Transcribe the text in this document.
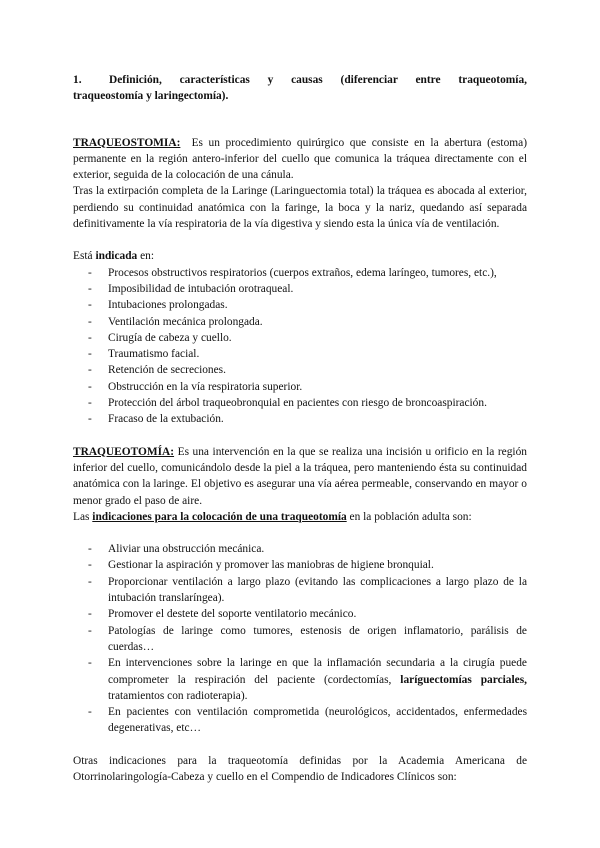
1.	Definición, características y causas (diferenciar entre traqueotomía,
traqueostomía y laringectomía).

TRAQUEOSTOMIA: Es un procedimiento quirúrgico que consiste en la abertura (estoma) permanente en la región antero-inferior del cuello que comunica la tráquea directamente con el exterior, seguida de la colocación de una cánula.

Tras la extirpación completa de la Laringe (Laringuectomia total) la tráquea es abocada al exterior, perdiendo su continuidad anatómica con la faringe, la boca y la nariz, quedando así separada definitivamente la vía respiratoria de la vía digestiva y siendo esta la única vía de ventilación.

Está indicada en:

- Procesos obstructivos respiratorios (cuerpos extraños, edema laríngeo, tumores, etc.),
- Imposibilidad de intubación orotraqueal.
- Intubaciones prolongadas.
- Ventilación mecánica prolongada.
- Cirugía de cabeza y cuello.
- Traumatismo facial.
- Retención de secreciones.
- Obstrucción en la vía respiratoria superior.
- Protección del árbol traqueobronquial en pacientes con riesgo de broncoaspiración.
- Fracaso de la extubación.

TRAQUEOTOMÍA: Es una intervención en la que se realiza una incisión u orificio en la región inferior del cuello, comunicándolo desde la piel a la tráquea, pero manteniendo ésta su continuidad anatómica con la laringe. El objetivo es asegurar una vía aérea permeable, conservando en mayor o menor grado el paso de aire.

Las indicaciones para la colocación de una traqueotomía en la población adulta son:

- Aliviar una obstrucción mecánica.
- Gestionar la aspiración y promover las maniobras de higiene bronquial.
- Proporcionar ventilación a largo plazo (evitando las complicaciones a largo plazo de la intubación translaríngea).
- Promover el destete del soporte ventilatorio mecánico.
- Patologías de laringe como tumores, estenosis de origen inflamatorio, parálisis de cuerdas…
- En intervenciones sobre la laringe en que la inflamación secundaria a la cirugía puede comprometer la respiración del paciente (cordectomías, laríguectomías parciales, tratamientos con radioterapia).
- En pacientes con ventilación comprometida (neurológicos, accidentados, enfermedades degenerativas, etc…

Otras indicaciones para la traqueotomía definidas por la Academia Americana de Otorrinolaringología-Cabeza y cuello en el Compendio de Indicadores Clínicos son:
